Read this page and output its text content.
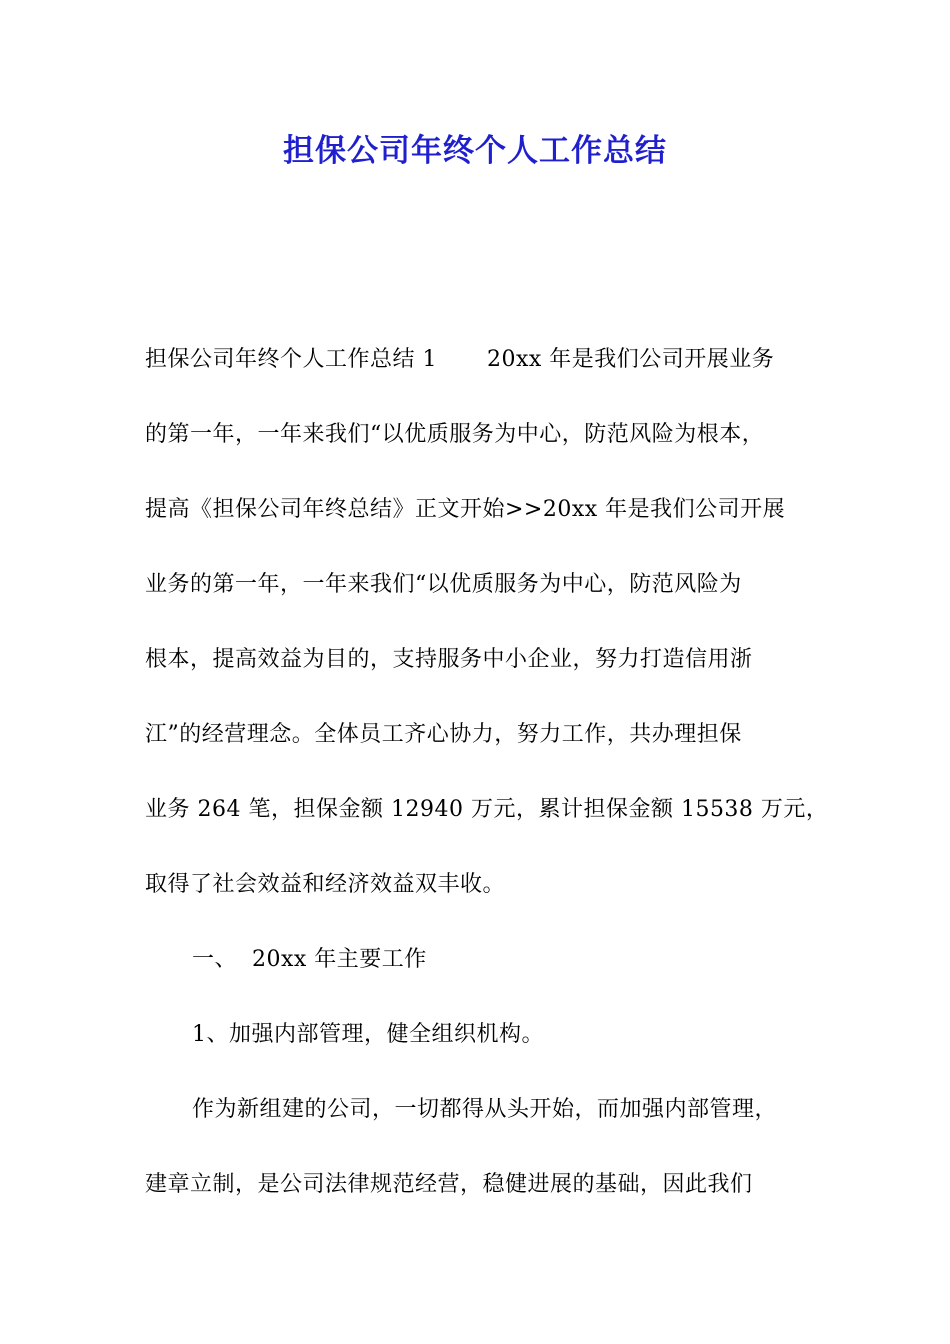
担保公司年终个人工作总结
担保公司年终个人工作总结 1 20xx 年是我们公司开展业务
的第一年，一年来我们“以优质服务为中心，防范风险为根本，
提高《担保公司年终总结》正文开始>>20xx 年是我们公司开展
业务的第一年，一年来我们“以优质服务为中心，防范风险为
根本，提高效益为目的，支持服务中小企业，努力打造信用浙
江”的经营理念。全体员工齐心协力，努力工作，共办理担保
业务 264 笔，担保金额 12940 万元，累计担保金额 15538 万元，
取得了社会效益和经济效益双丰收。
一、 20xx 年主要工作
1、加强内部管理，健全组织机构。
作为新组建的公司，一切都得从头开始，而加强内部管理，
建章立制，是公司法律规范经营，稳健进展的基础，因此我们
